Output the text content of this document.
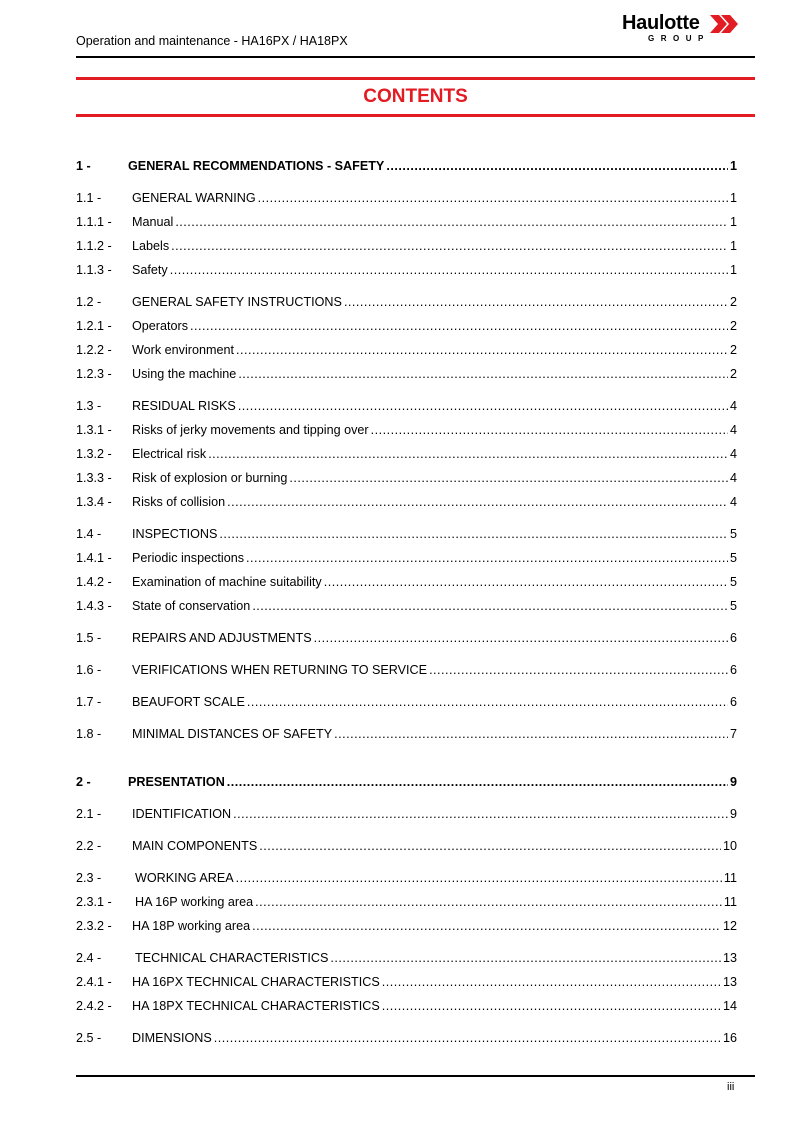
Operation and maintenance - HA16PX / HA18PX
Haulotte
GROUP
CONTENTS
1 -	GENERAL RECOMMENDATIONS - SAFETY .....	1
1.1 -	GENERAL WARNING .....	1
1.1.1 -	Manual .....	1
1.1.2 -	Labels .....	1
1.1.3 -	Safety .....	1
1.2 -	GENERAL SAFETY INSTRUCTIONS .....	2
1.2.1 -	Operators .....	2
1.2.2 -	Work environment .....	2
1.2.3 -	Using the machine .....	2
1.3 -	RESIDUAL RISKS .....	4
1.3.1 -	Risks of jerky movements and tipping over .....	4
1.3.2 -	Electrical risk .....	4
1.3.3 -	Risk of explosion or burning .....	4
1.3.4 -	Risks of collision .....	4
1.4 -	INSPECTIONS .....	5
1.4.1 -	Periodic inspections .....	5
1.4.2 -	Examination of machine suitability .....	5
1.4.3 -	State of conservation .....	5
1.5 -	REPAIRS AND ADJUSTMENTS .....	6
1.6 -	VERIFICATIONS WHEN RETURNING TO SERVICE .....	6
1.7 -	BEAUFORT SCALE .....	6
1.8 -	MINIMAL DISTANCES OF SAFETY .....	7
2 -	PRESENTATION .....	9
2.1 -	IDENTIFICATION .....	9
2.2 -	MAIN COMPONENTS .....	10
2.3 -	WORKING AREA .....	11
2.3.1 -	HA 16P working area .....	11
2.3.2 -	HA 18P working area .....	12
2.4 -	TECHNICAL CHARACTERISTICS .....	13
2.4.1 -	HA 16PX TECHNICAL CHARACTERISTICS .....	13
2.4.2 -	HA 18PX TECHNICAL CHARACTERISTICS .....	14
2.5 -	DIMENSIONS .....	16
iii
